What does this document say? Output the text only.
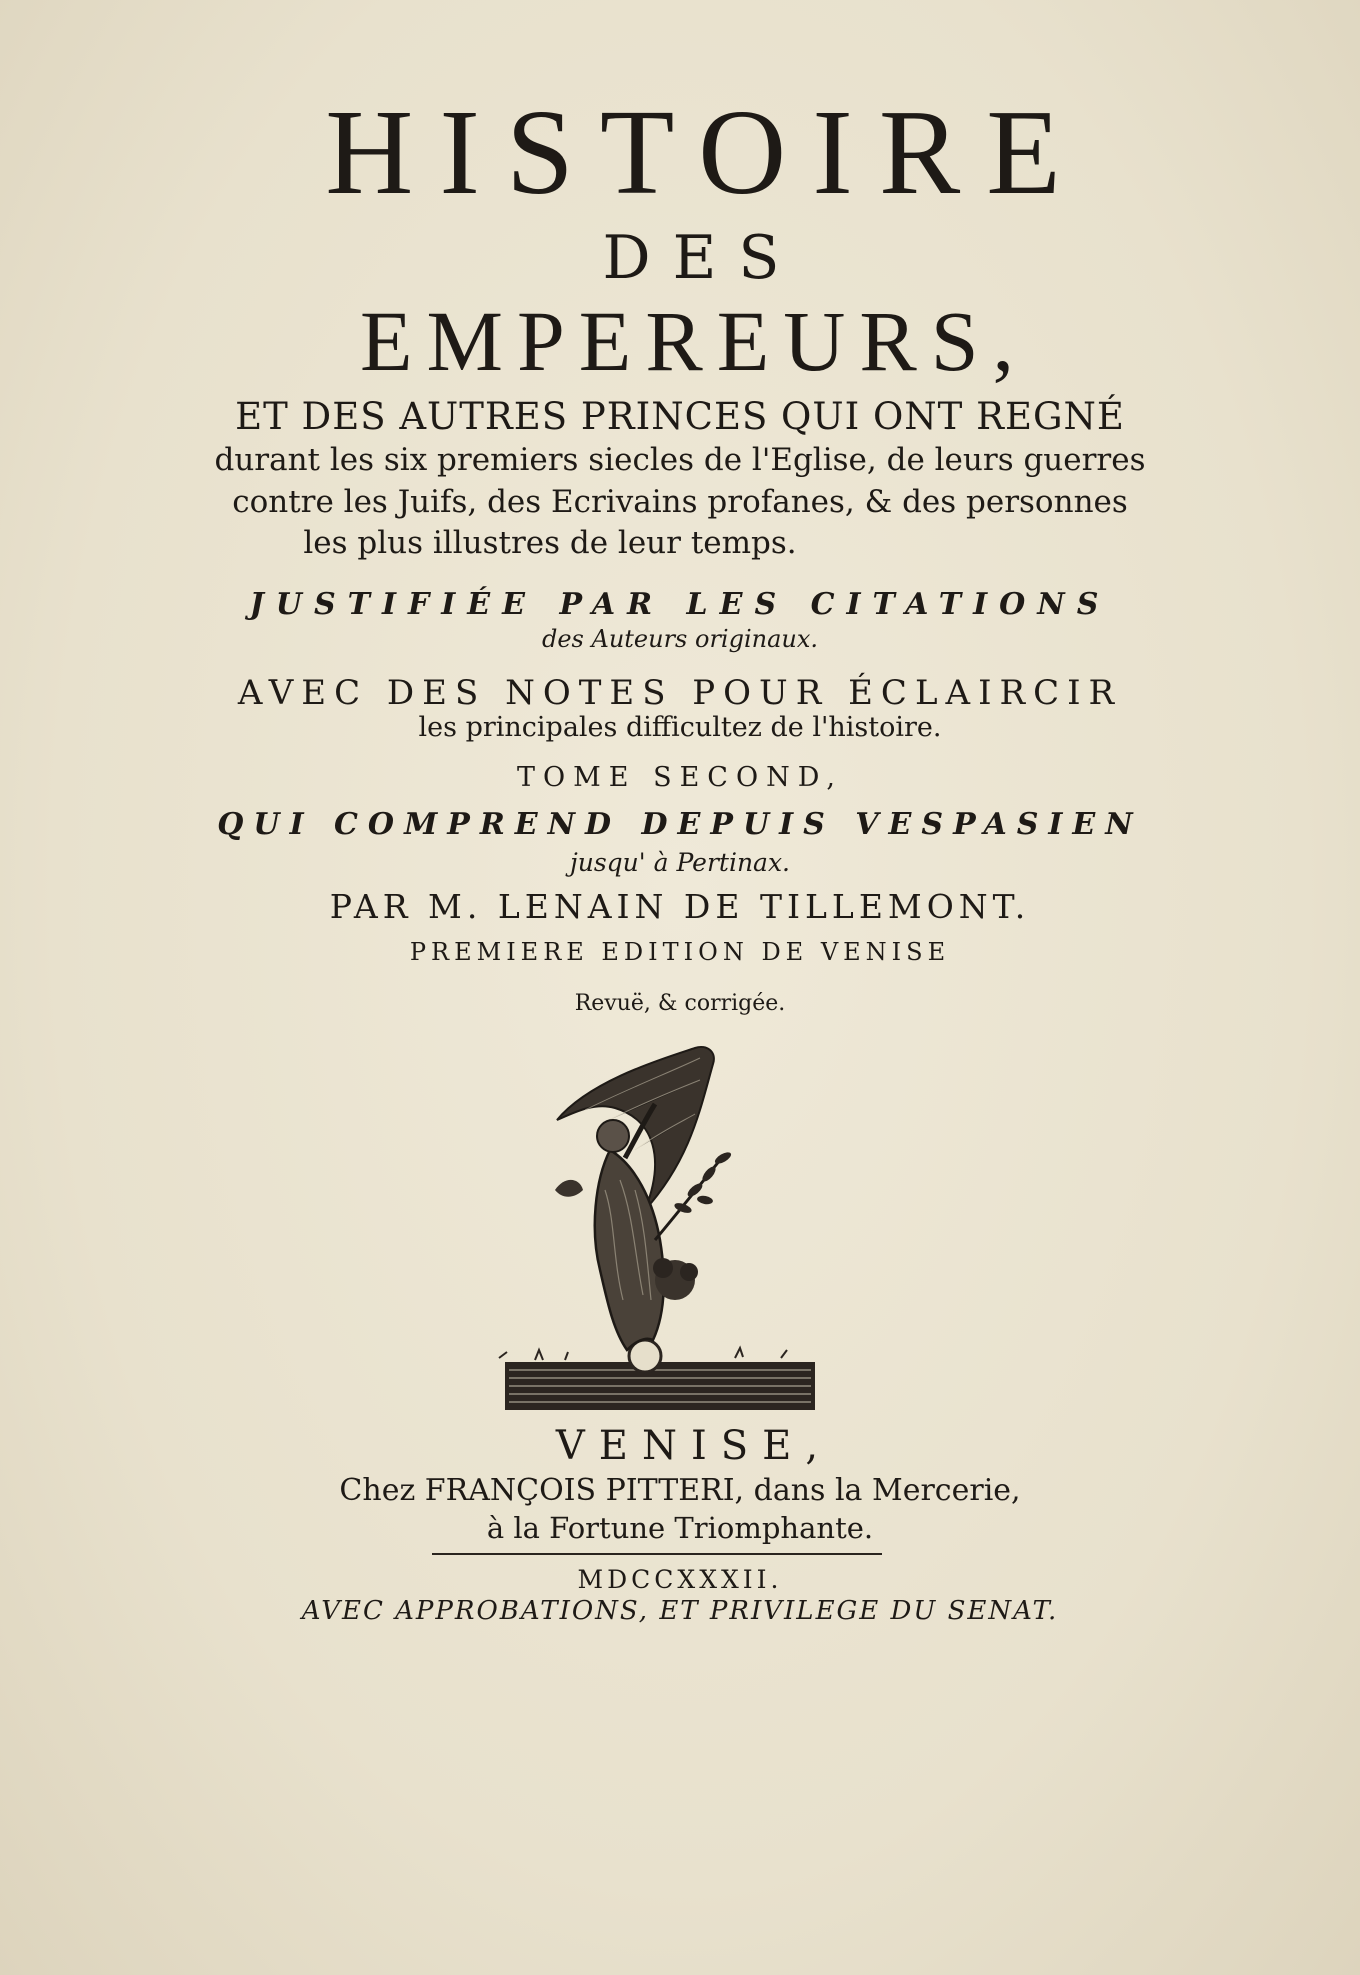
HISTOIRE
DES
EMPEREURS,
ET DES AUTRES PRINCES QUI ONT REGNÉ
durant les six premiers siecles de l'Eglise, de leurs guerres
contre les Juifs, des Ecrivains profanes, & des personnes
les plus illustres de leur temps.
JUSTIFIÉE PAR LES CITATIONS
des Auteurs originaux.
AVEC DES NOTES POUR ÉCLAIRCIR
les principales difficultez de l'histoire.
TOME SECOND,
QUI COMPREND DEPUIS VESPASIEN
jusqu' à Pertinax.
PAR M. LENAIN DE TILLEMONT.
PREMIERE EDITION DE VENISE
Revuë, & corrigée.
VENISE,
Chez FRANÇOIS PITTERI, dans la Mercerie,
à la Fortune Triomphante.
MDCCXXXII.
AVEC APPROBATIONS, ET PRIVILEGE DU SENAT.
